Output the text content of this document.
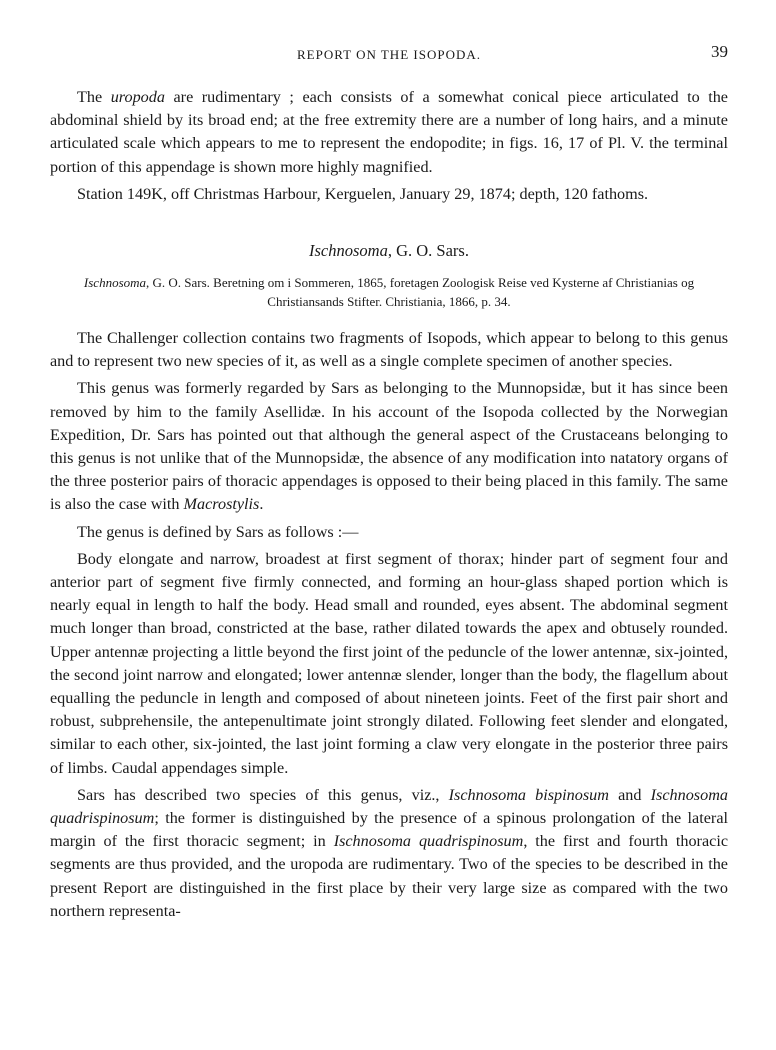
REPORT ON THE ISOPODA.	39

The uropoda are rudimentary ; each consists of a somewhat conical piece articulated to the abdominal shield by its broad end; at the free extremity there are a number of long hairs, and a minute articulated scale which appears to me to represent the endopodite; in figs. 16, 17 of Pl. V. the terminal portion of this appendage is shown more highly magnified.

Station 149K, off Christmas Harbour, Kerguelen, January 29, 1874; depth, 120 fathoms.

Ischnosoma, G. O. Sars.

Ischnosoma, G. O. Sars. Beretning om i Sommeren, 1865, foretagen Zoologisk Reise ved Kysterne af Christianias og Christiansands Stifter. Christiania, 1866, p. 34.

The Challenger collection contains two fragments of Isopods, which appear to belong to this genus and to represent two new species of it, as well as a single complete specimen of another species.

This genus was formerly regarded by Sars as belonging to the Munnopsidæ, but it has since been removed by him to the family Asellidæ. In his account of the Isopoda collected by the Norwegian Expedition, Dr. Sars has pointed out that although the general aspect of the Crustaceans belonging to this genus is not unlike that of the Munnopsidæ, the absence of any modification into natatory organs of the three posterior pairs of thoracic appendages is opposed to their being placed in this family. The same is also the case with Macrostylis.

The genus is defined by Sars as follows :—

Body elongate and narrow, broadest at first segment of thorax; hinder part of segment four and anterior part of segment five firmly connected, and forming an hour-glass shaped portion which is nearly equal in length to half the body. Head small and rounded, eyes absent. The abdominal segment much longer than broad, constricted at the base, rather dilated towards the apex and obtusely rounded. Upper antennæ projecting a little beyond the first joint of the peduncle of the lower antennæ, six-jointed, the second joint narrow and elongated; lower antennæ slender, longer than the body, the flagellum about equalling the peduncle in length and composed of about nineteen joints. Feet of the first pair short and robust, subprehensile, the antepenultimate joint strongly dilated. Following feet slender and elongated, similar to each other, six-jointed, the last joint forming a claw very elongate in the posterior three pairs of limbs. Caudal appendages simple.

Sars has described two species of this genus, viz., Ischnosoma bispinosum and Ischnosoma quadrispinosum; the former is distinguished by the presence of a spinous prolongation of the lateral margin of the first thoracic segment; in Ischnosoma quadrispinosum, the first and fourth thoracic segments are thus provided, and the uropoda are rudimentary. Two of the species to be described in the present Report are distinguished in the first place by their very large size as compared with the two northern representa-
